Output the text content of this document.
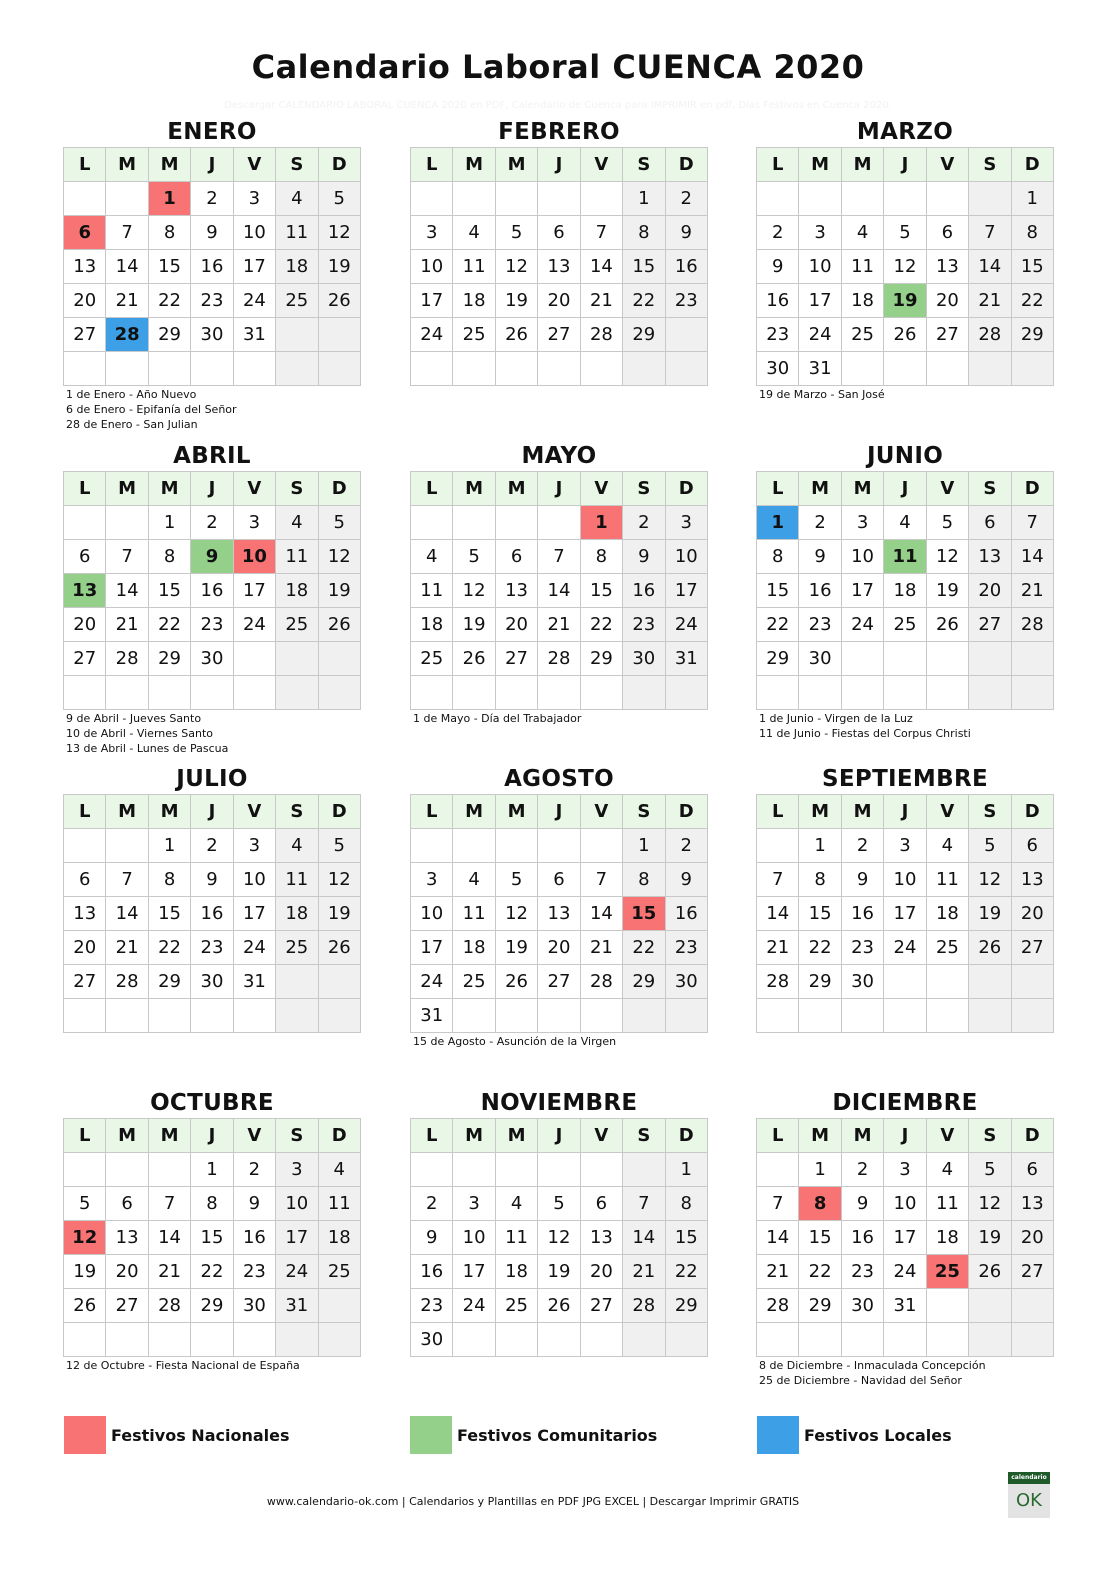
Calendario Laboral CUENCA 2020
Descargar CALENDARIO LABORAL CUENCA 2020 en PDF, Calendario de Cuenca para IMPRIMIR en pdf, Días Festivos en Cuenca 2020.
ENERO
L	M	M	J	V	S	D
		1	2	3	4	5
6	7	8	9	10	11	12
13	14	15	16	17	18	19
20	21	22	23	24	25	26
27	28	29	30	31		

1 de Enero - Año Nuevo
6 de Enero - Epifanía del Señor
28 de Enero - San Julian
FEBRERO
L	M	M	J	V	S	D
					1	2
3	4	5	6	7	8	9
10	11	12	13	14	15	16
17	18	19	20	21	22	23
24	25	26	27	28	29	

MARZO
L	M	M	J	V	S	D
						1
2	3	4	5	6	7	8
9	10	11	12	13	14	15
16	17	18	19	20	21	22
23	24	25	26	27	28	29
30	31					
19 de Marzo - San José
ABRIL
L	M	M	J	V	S	D
		1	2	3	4	5
6	7	8	9	10	11	12
13	14	15	16	17	18	19
20	21	22	23	24	25	26
27	28	29	30			

9 de Abril - Jueves Santo
10 de Abril - Viernes Santo
13 de Abril - Lunes de Pascua
MAYO
L	M	M	J	V	S	D
				1	2	3
4	5	6	7	8	9	10
11	12	13	14	15	16	17
18	19	20	21	22	23	24
25	26	27	28	29	30	31

1 de Mayo - Día del Trabajador
JUNIO
L	M	M	J	V	S	D
1	2	3	4	5	6	7
8	9	10	11	12	13	14
15	16	17	18	19	20	21
22	23	24	25	26	27	28
29	30					

1 de Junio - Virgen de la Luz
11 de Junio - Fiestas del Corpus Christi
JULIO
L	M	M	J	V	S	D
		1	2	3	4	5
6	7	8	9	10	11	12
13	14	15	16	17	18	19
20	21	22	23	24	25	26
27	28	29	30	31		

AGOSTO
L	M	M	J	V	S	D
					1	2
3	4	5	6	7	8	9
10	11	12	13	14	15	16
17	18	19	20	21	22	23
24	25	26	27	28	29	30
31						
15 de Agosto - Asunción de la Virgen
SEPTIEMBRE
L	M	M	J	V	S	D
	1	2	3	4	5	6
7	8	9	10	11	12	13
14	15	16	17	18	19	20
21	22	23	24	25	26	27
28	29	30				

OCTUBRE
L	M	M	J	V	S	D
			1	2	3	4
5	6	7	8	9	10	11
12	13	14	15	16	17	18
19	20	21	22	23	24	25
26	27	28	29	30	31	

12 de Octubre - Fiesta Nacional de España
NOVIEMBRE
L	M	M	J	V	S	D
						1
2	3	4	5	6	7	8
9	10	11	12	13	14	15
16	17	18	19	20	21	22
23	24	25	26	27	28	29
30						
DICIEMBRE
L	M	M	J	V	S	D
	1	2	3	4	5	6
7	8	9	10	11	12	13
14	15	16	17	18	19	20
21	22	23	24	25	26	27
28	29	30	31			

8 de Diciembre - Inmaculada Concepción
25 de Diciembre - Navidad del Señor
Festivos Nacionales	Festivos Comunitarios	Festivos Locales
www.calendario-ok.com | Calendarios y Plantillas en PDF JPG EXCEL | Descargar Imprimir GRATIS
calendario
OK
